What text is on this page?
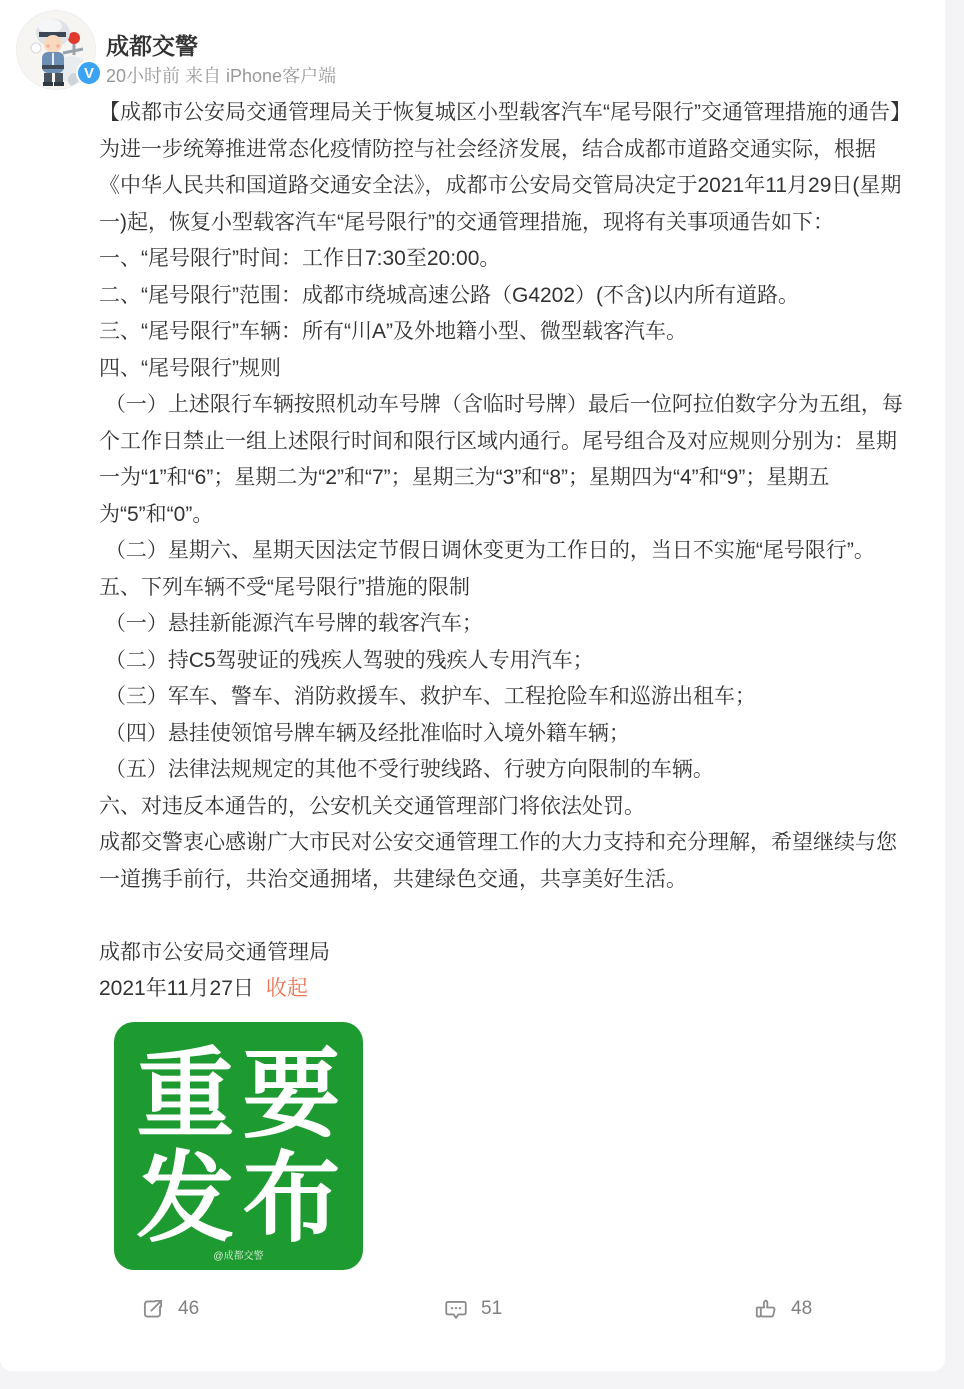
V
成都交警
20小时前 来自 iPhone客户端

【成都市公安局交通管理局关于恢复城区小型载客汽车“尾号限行”交通管理措施的通告】

为进一步统筹推进常态化疫情防控与社会经济发展，结合成都市道路交通实际，根据《中华人民共和国道路交通安全法》，成都市公安局交管局决定于2021年11月29日(星期一)起，恢复小型载客汽车“尾号限行”的交通管理措施，现将有关事项通告如下：

一、“尾号限行”时间：工作日7:30至20:00。

二、“尾号限行”范围：成都市绕城高速公路（G4202）(不含)以内所有道路。

三、“尾号限行”车辆：所有“川A”及外地籍小型、微型载客汽车。

四、“尾号限行”规则

（一）上述限行车辆按照机动车号牌（含临时号牌）最后一位阿拉伯数字分为五组，每个工作日禁止一组上述限行时间和限行区域内通行。尾号组合及对应规则分别为：星期一为“1”和“6”；星期二为“2”和“7”；星期三为“3”和“8”；星期四为“4”和“9”；星期五为“5”和“0”。

（二）星期六、星期天因法定节假日调休变更为工作日的，当日不实施“尾号限行”。

五、下列车辆不受“尾号限行”措施的限制

（一）悬挂新能源汽车号牌的载客汽车；

（二）持C5驾驶证的残疾人驾驶的残疾人专用汽车；

（三）军车、警车、消防救援车、救护车、工程抢险车和巡游出租车；

（四）悬挂使领馆号牌车辆及经批准临时入境外籍车辆；

（五）法律法规规定的其他不受行驶线路、行驶方向限制的车辆。

六、对违反本通告的，公安机关交通管理部门将依法处罚。

成都交警衷心感谢广大市民对公安交通管理工作的大力支持和充分理解，希望继续与您一道携手前行，共治交通拥堵，共建绿色交通，共享美好生活。

成都市公安局交通管理局

2021年11月27日 收起

重要
发布
@成都交警
46	51	48
